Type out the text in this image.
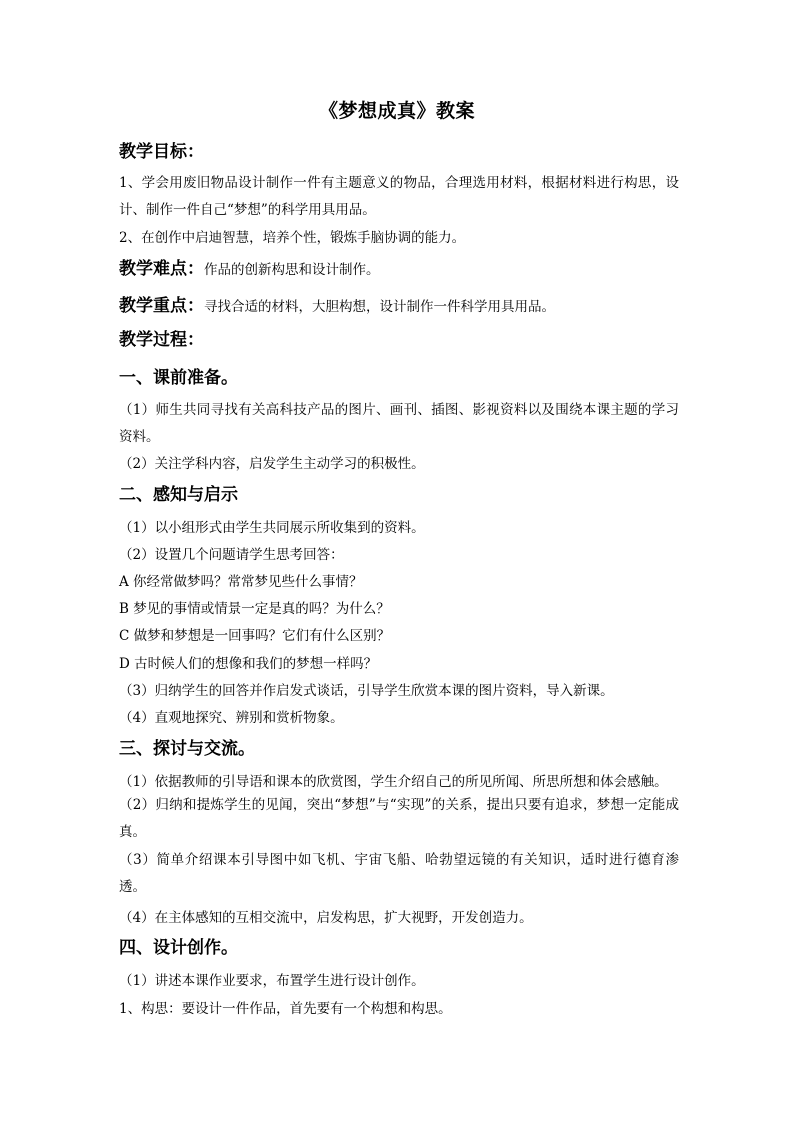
《梦想成真》教案
教学目标：
1、学会用废旧物品设计制作一件有主题意义的物品，合理选用材料，根据材料进行构思，设计、制作一件自己“梦想”的科学用具用品。
2、在创作中启迪智慧，培养个性，锻炼手脑协调的能力。
教学难点：作品的创新构思和设计制作。
教学重点：寻找合适的材料，大胆构想，设计制作一件科学用具用品。
教学过程：
一、课前准备。
（1）师生共同寻找有关高科技产品的图片、画刊、插图、影视资料以及围绕本课主题的学习资料。
（2）关注学科内容，启发学生主动学习的积极性。
二、感知与启示
（1）以小组形式由学生共同展示所收集到的资料。
（2）设置几个问题请学生思考回答：
A 你经常做梦吗？常常梦见些什么事情？
B 梦见的事情或情景一定是真的吗？为什么？
C 做梦和梦想是一回事吗？它们有什么区别？
D 古时候人们的想像和我们的梦想一样吗？
（3）归纳学生的回答并作启发式谈话，引导学生欣赏本课的图片资料，导入新课。
（4）直观地探究、辨别和赏析物象。
三、探讨与交流。
（1）依据教师的引导语和课本的欣赏图，学生介绍自己的所见所闻、所思所想和体会感触。
（2）归纳和提炼学生的见闻，突出“梦想”与“实现”的关系，提出只要有追求，梦想一定能成真。
（3）简单介绍课本引导图中如飞机、宇宙飞船、哈勃望远镜的有关知识，适时进行德育渗透。
（4）在主体感知的互相交流中，启发构思，扩大视野，开发创造力。
四、设计创作。
（1）讲述本课作业要求，布置学生进行设计创作。
1、构思：要设计一件作品，首先要有一个构想和构思。
